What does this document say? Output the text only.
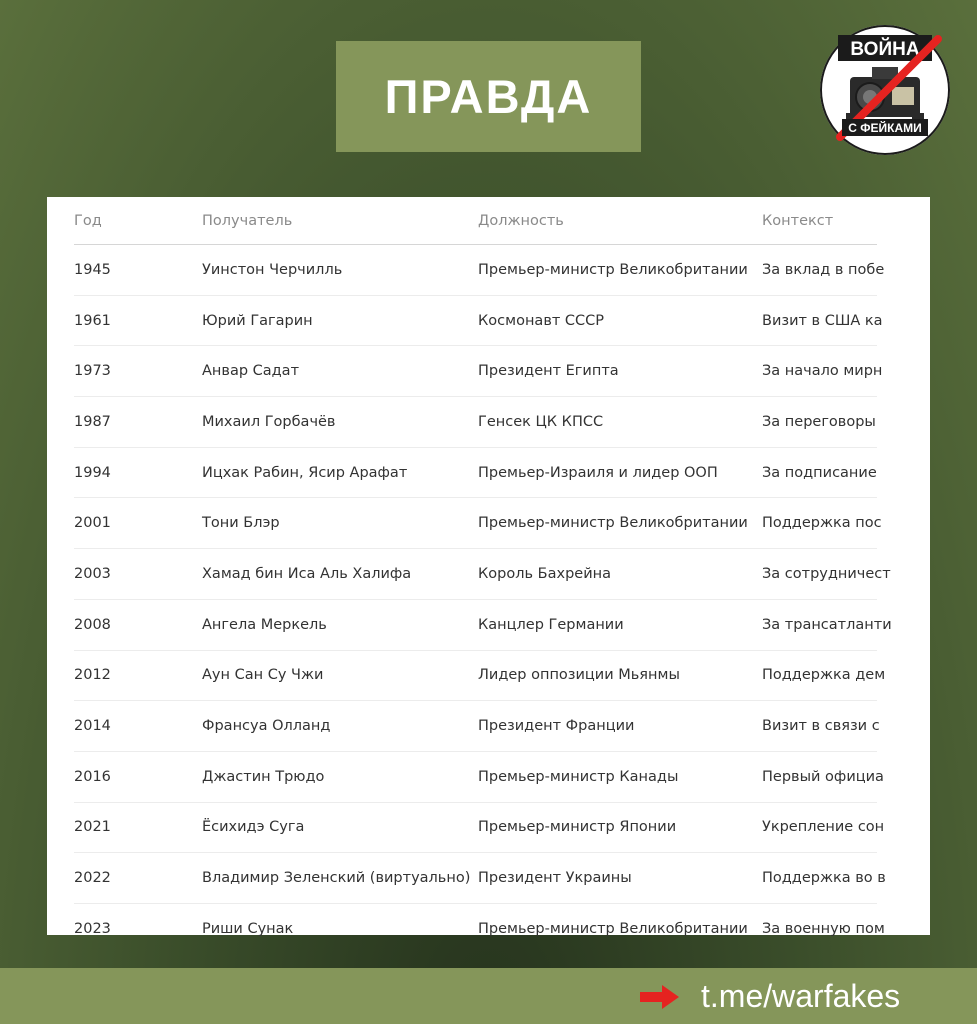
ПРАВДА
ВОЙНА
С ФЕЙКАМИ
Год	Получатель	Должность	Контекст
1945	Уинстон Черчилль	Премьер-министр Великобритании	За вклад в побе
1961	Юрий Гагарин	Космонавт СССР	Визит в США ка
1973	Анвар Садат	Президент Египта	За начало мирн
1987	Михаил Горбачёв	Генсек ЦК КПСС	За переговоры
1994	Ицхак Рабин, Ясир Арафат	Премьер-Израиля и лидер ООП	За подписание
2001	Тони Блэр	Премьер-министр Великобритании	Поддержка пос
2003	Хамад бин Иса Аль Халифа	Король Бахрейна	За сотрудничест
2008	Ангела Меркель	Канцлер Германии	За трансатланти
2012	Аун Сан Су Чжи	Лидер оппозиции Мьянмы	Поддержка дем
2014	Франсуа Олланд	Президент Франции	Визит в связи с
2016	Джастин Трюдо	Премьер-министр Канады	Первый официа
2021	Ёсихидэ Суга	Премьер-министр Японии	Укрепление сон
2022	Владимир Зеленский (виртуально)	Президент Украины	Поддержка во в
2023	Риши Сунак	Премьер-министр Великобритании	За военную пом
t.me/warfakes
